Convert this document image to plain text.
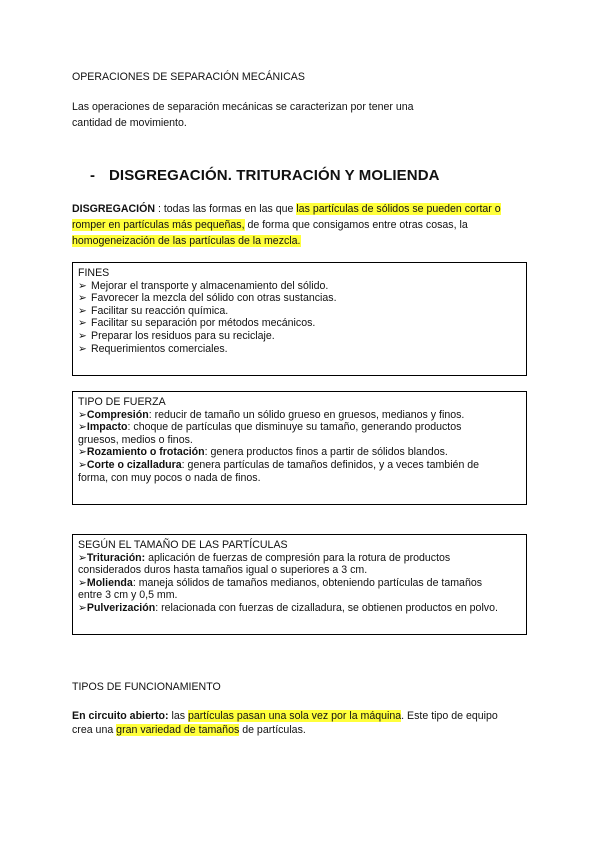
OPERACIONES DE SEPARACIÓN MECÁNICAS
Las operaciones de separación mecánicas se caracterizan por tener una
cantidad de movimiento.
- DISGREGACIÓN. TRITURACIÓN Y MOLIENDA
DISGREGACIÓN : todas las formas en las que las partículas de sólidos se pueden cortar o
romper en partículas más pequeñas, de forma que consigamos entre otras cosas, la
homogeneización de las partículas de la mezcla.
FINES
➢ Mejorar el transporte y almacenamiento del sólido.
➢ Favorecer la mezcla del sólido con otras sustancias.
➢ Facilitar su reacción química.
➢ Facilitar su separación por métodos mecánicos.
➢ Preparar los residuos para su reciclaje.
➢ Requerimientos comerciales.
TIPO DE FUERZA
➢Compresión: reducir de tamaño un sólido grueso en gruesos, medianos y finos.
➢Impacto: choque de partículas que disminuye su tamaño, generando productos
gruesos, medios o finos.
➢Rozamiento o frotación: genera productos finos a partir de sólidos blandos.
➢Corte o cizalladura: genera partículas de tamaños definidos, y a veces también de
forma, con muy pocos o nada de finos.
SEGÚN EL TAMAÑO DE LAS PARTÍCULAS
➢Trituración: aplicación de fuerzas de compresión para la rotura de productos
considerados duros hasta tamaños igual o superiores a 3 cm.
➢Molienda: maneja sólidos de tamaños medianos, obteniendo partículas de tamaños
entre 3 cm y 0,5 mm.
➢Pulverización: relacionada con fuerzas de cizalladura, se obtienen productos en polvo.
TIPOS DE FUNCIONAMIENTO
En circuito abierto: las partículas pasan una sola vez por la máquina. Este tipo de equipo
crea una gran variedad de tamaños de partículas.
